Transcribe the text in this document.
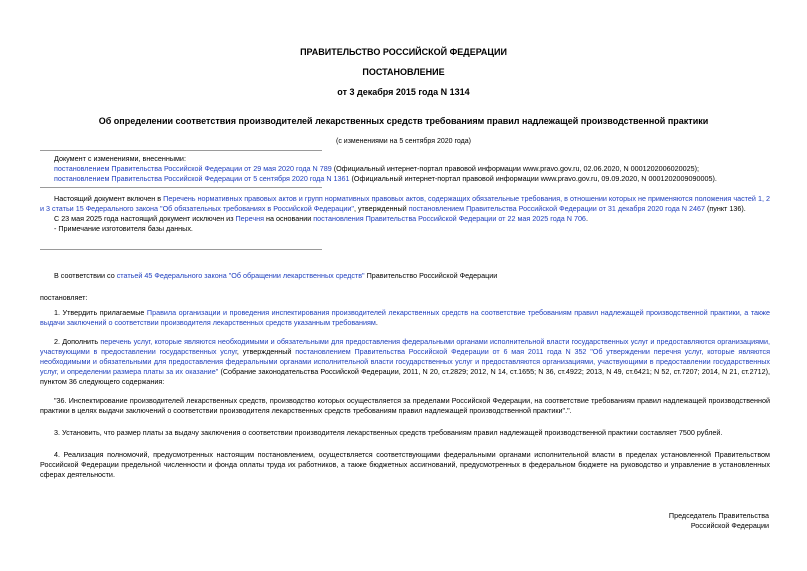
ПРАВИТЕЛЬСТВО РОССИЙСКОЙ ФЕДЕРАЦИИ
ПОСТАНОВЛЕНИЕ
от 3 декабря 2015 года N 1314
Об определении соответствия производителей лекарственных средств требованиям правил надлежащей производственной практики
(с изменениями на 5 сентября 2020 года)

Документ с изменениями, внесенными:

постановлением Правительства Российской Федерации от 29 мая 2020 года N 789 (Официальный интернет-портал правовой информации www.pravo.gov.ru, 02.06.2020, N 0001202006020025);

постановлением Правительства Российской Федерации от 5 сентября 2020 года N 1361 (Официальный интернет-портал правовой информации www.pravo.gov.ru, 09.09.2020, N 0001202009090005).

Настоящий документ включен в Перечень нормативных правовых актов и групп нормативных правовых актов, содержащих обязательные требования, в отношении которых не применяются положения частей 1, 2 и 3 статьи 15 Федерального закона "Об обязательных требованиях в Российской Федерации", утвержденный постановлением Правительства Российской Федерации от 31 декабря 2020 года N 2467 (пункт 136).

С 23 мая 2025 года настоящий документ исключен из Перечня на основании постановления Правительства Российской Федерации от 22 мая 2025 года N 706.

- Примечание изготовителя базы данных.

В соответствии со статьей 45 Федерального закона "Об обращении лекарственных средств" Правительство Российской Федерации

постановляет:

1. Утвердить прилагаемые Правила организации и проведения инспектирования производителей лекарственных средств на соответствие требованиям правил надлежащей производственной практики, а также выдачи заключений о соответствии производителя лекарственных средств указанным требованиям.

2. Дополнить перечень услуг, которые являются необходимыми и обязательными для предоставления федеральными органами исполнительной власти государственных услуг и предоставляются организациями, участвующими в предоставлении государственных услуг, утвержденный постановлением Правительства Российской Федерации от 6 мая 2011 года N 352 "Об утверждении перечня услуг, которые являются необходимыми и обязательными для предоставления федеральными органами исполнительной власти государственных услуг и предоставляются организациями, участвующими в предоставлении государственных услуг, и определении размера платы за их оказание" (Собрание законодательства Российской Федерации, 2011, N 20, ст.2829; 2012, N 14, ст.1655; N 36, ст.4922; 2013, N 49, ст.6421; N 52, ст.7207; 2014, N 21, ст.2712), пунктом 36 следующего содержания:

"36. Инспектирование производителей лекарственных средств, производство которых осуществляется за пределами Российской Федерации, на соответствие требованиям правил надлежащей производственной практики в целях выдачи заключений о соответствии производителя лекарственных средств требованиям правил надлежащей производственной практики".".

3. Установить, что размер платы за выдачу заключения о соответствии производителя лекарственных средств требованиям правил надлежащей производственной практики составляет 7500 рублей.

4. Реализация полномочий, предусмотренных настоящим постановлением, осуществляется соответствующими федеральными органами исполнительной власти в пределах установленной Правительством Российской Федерации предельной численности и фонда оплаты труда их работников, а также бюджетных ассигнований, предусмотренных в федеральном бюджете на руководство и управление в установленных сферах деятельности.

Председатель Правительства

Российской Федерации
